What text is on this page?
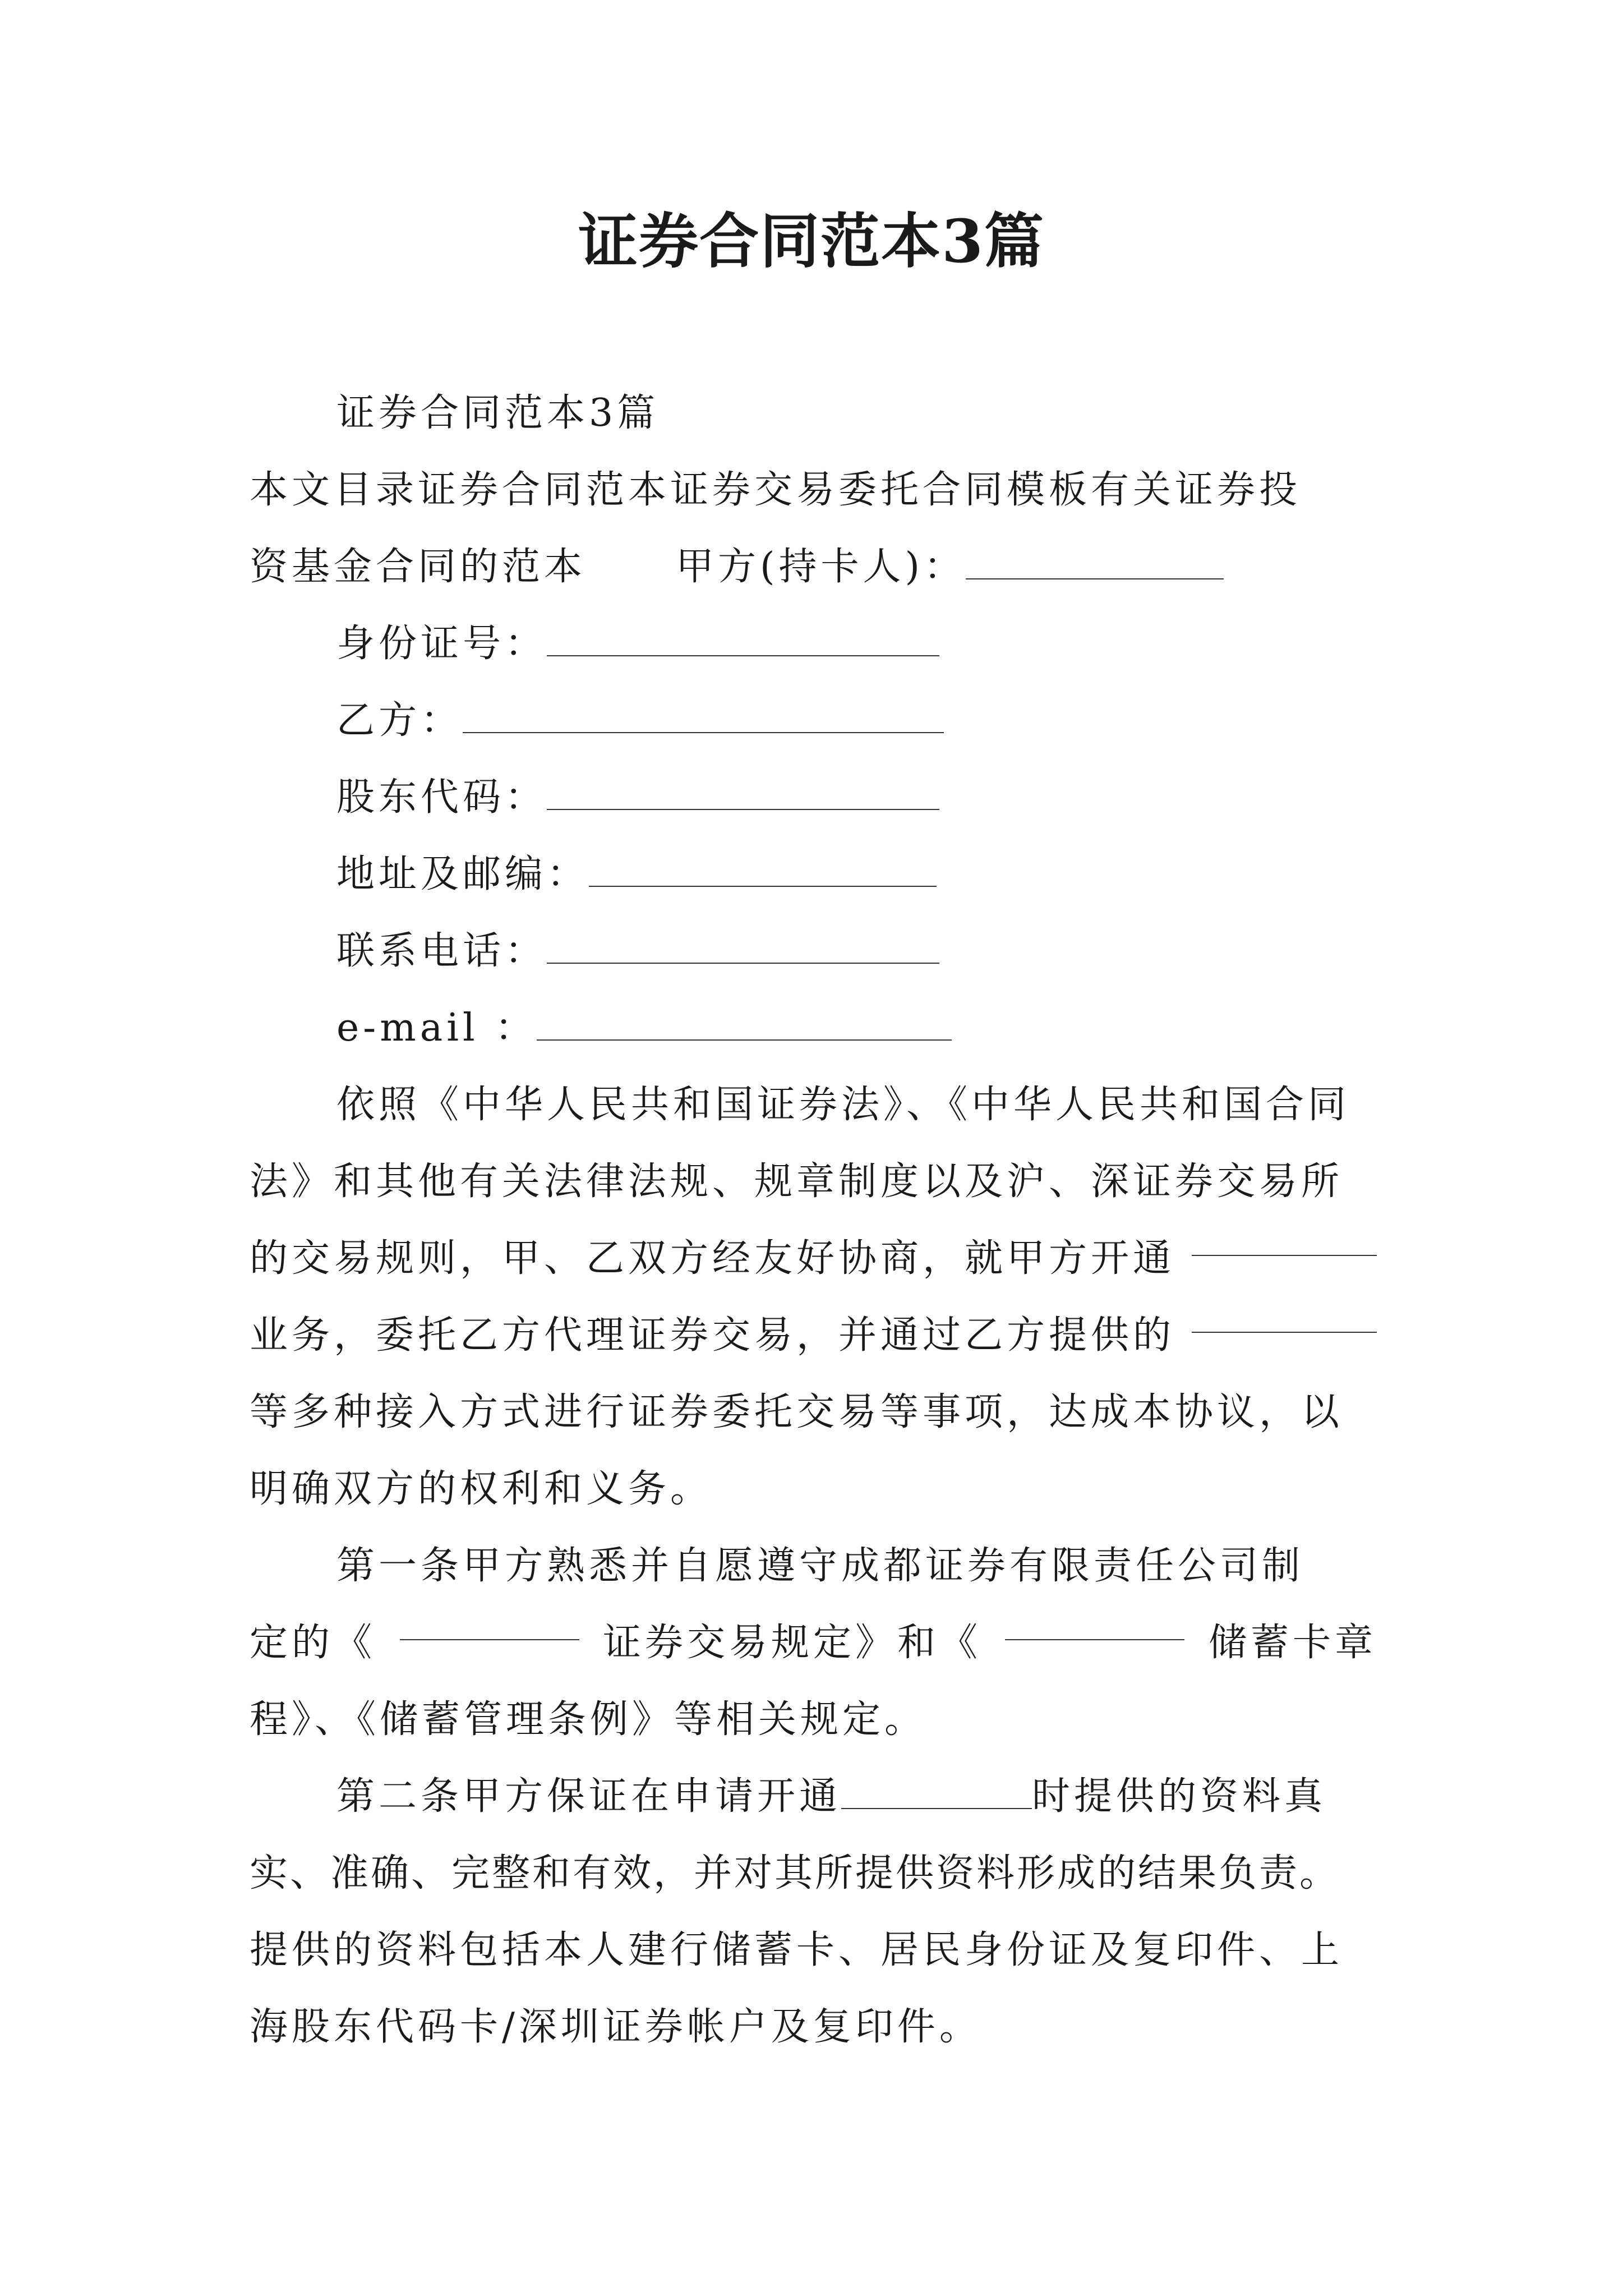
证券合同范本3篇

证券合同范本3篇

本文目录证券合同范本证券交易委托合同模板有关证券投

资基金合同的范本 甲方(持卡人)：

身份证号：

乙方：

股东代码：

地址及邮编：

联系电话：

e-mail ：

依照《中华人民共和国证券法》、《中华人民共和国合同

法》和其他有关法律法规、规章制度以及沪、深证券交易所

的交易规则，甲、乙双方经友好协商，就甲方开通

业务，委托乙方代理证券交易，并通过乙方提供的

等多种接入方式进行证券委托交易等事项，达成本协议，以

明确双方的权利和义务。

第一条甲方熟悉并自愿遵守成都证券有限责任公司制

定的《	证券交易规定》和《	储蓄卡章

程》、《储蓄管理条例》等相关规定。

第二条甲方保证在申请开通	时提供的资料真

实、准确、完整和有效，并对其所提供资料形成的结果负责。

提供的资料包括本人建行储蓄卡、居民身份证及复印件、上

海股东代码卡/深圳证券帐户及复印件。
